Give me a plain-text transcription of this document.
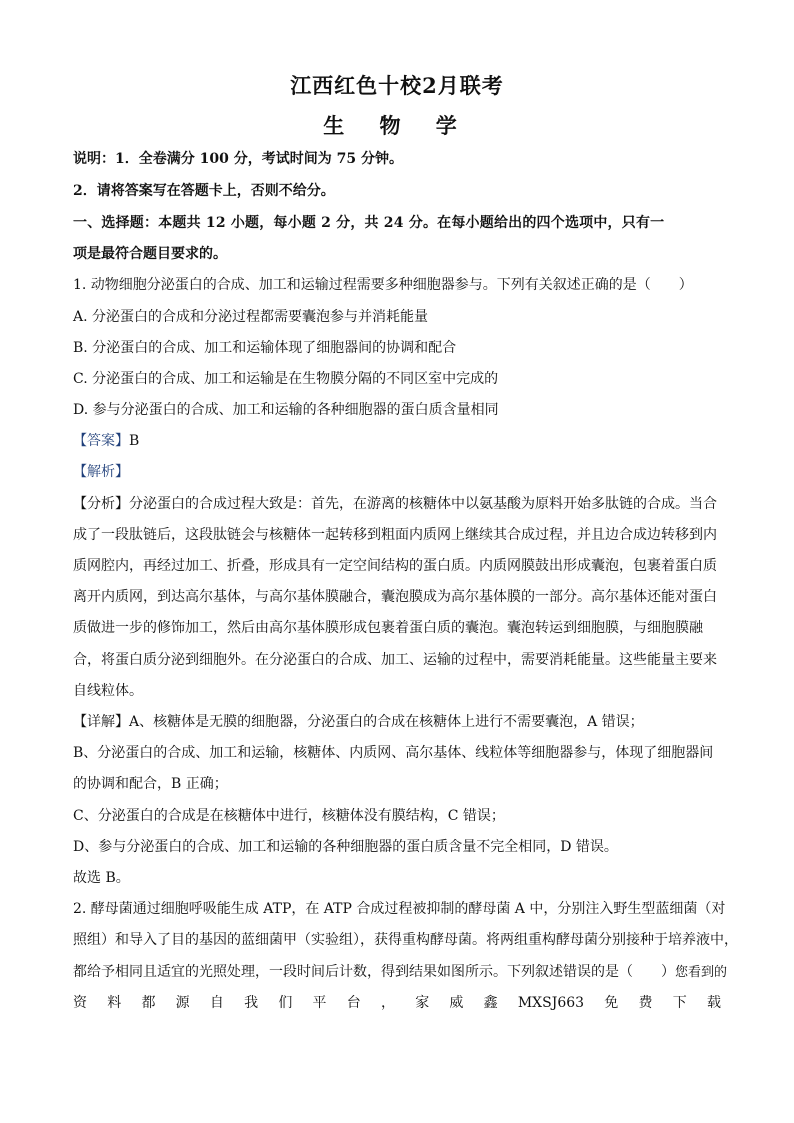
江西红色十校2月联考
生 物 学
说明：1．全卷满分 100 分，考试时间为 75 分钟。
2．请将答案写在答题卡上，否则不给分。
一、选择题：本题共 12 小题，每小题 2 分，共 24 分。在每小题给出的四个选项中，只有一
项是最符合题目要求的。
1. 动物细胞分泌蛋白的合成、加工和运输过程需要多种细胞器参与。下列有关叙述正确的是（　　）
A. 分泌蛋白的合成和分泌过程都需要囊泡参与并消耗能量
B. 分泌蛋白的合成、加工和运输体现了细胞器间的协调和配合
C. 分泌蛋白的合成、加工和运输是在生物膜分隔的不同区室中完成的
D. 参与分泌蛋白的合成、加工和运输的各种细胞器的蛋白质含量相同
【答案】B
【解析】
【分析】分泌蛋白的合成过程大致是：首先，在游离的核糖体中以氨基酸为原料开始多肽链的合成。当合
成了一段肽链后，这段肽链会与核糖体一起转移到粗面内质网上继续其合成过程，并且边合成边转移到内
质网腔内，再经过加工、折叠，形成具有一定空间结构的蛋白质。内质网膜鼓出形成囊泡，包裹着蛋白质
离开内质网，到达高尔基体，与高尔基体膜融合，囊泡膜成为高尔基体膜的一部分。高尔基体还能对蛋白
质做进一步的修饰加工，然后由高尔基体膜形成包裹着蛋白质的囊泡。囊泡转运到细胞膜，与细胞膜融
合，将蛋白质分泌到细胞外。在分泌蛋白的合成、加工、运输的过程中，需要消耗能量。这些能量主要来
自线粒体。
【详解】A、核糖体是无膜的细胞器，分泌蛋白的合成在核糖体上进行不需要囊泡，A 错误；
B、分泌蛋白的合成、加工和运输，核糖体、内质网、高尔基体、线粒体等细胞器参与，体现了细胞器间
的协调和配合，B 正确；
C、分泌蛋白的合成是在核糖体中进行，核糖体没有膜结构，C 错误；
D、参与分泌蛋白的合成、加工和运输的各种细胞器的蛋白质含量不完全相同，D 错误。
故选 B。
2. 酵母菌通过细胞呼吸能生成 ATP，在 ATP 合成过程被抑制的酵母菌 A 中，分别注入野生型蓝细菌（对
照组）和导入了目的基因的蓝细菌甲（实验组），获得重构酵母菌。将两组重构酵母菌分别接种于培养液中，
都给予相同且适宜的光照处理，一段时间后计数，得到结果如图所示。下列叙述错误的是（　　）您看到的
资 料 都 源 自 我 们 平 台 ， 家 威 鑫 MXSJ663 免 费 下 载
